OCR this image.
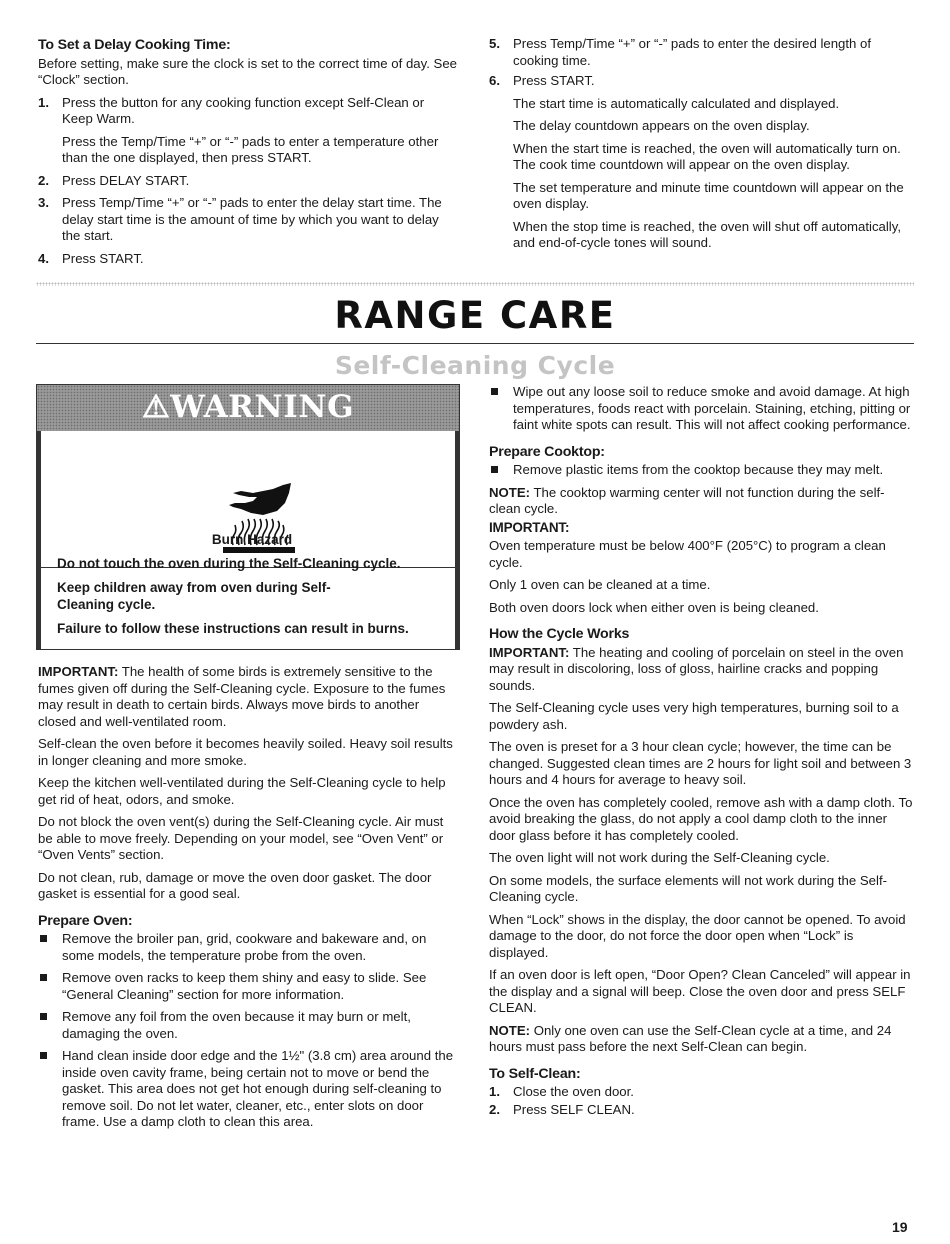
To Set a Delay Cooking Time:

Before setting, make sure the clock is set to the correct time of day. See “Clock” section.

1. Press the button for any cooking function except Self-Clean or Keep Warm.

Press the Temp/Time “+” or “-” pads to enter a temperature other than the one displayed, then press START.

2. Press DELAY START.

3. Press Temp/Time “+” or “-” pads to enter the delay start time. The delay start time is the amount of time by which you want to delay the start.

4. Press START.

5. Press Temp/Time “+” or “-” pads to enter the desired length of cooking time.

6. Press START.

The start time is automatically calculated and displayed.

The delay countdown appears on the oven display.

When the start time is reached, the oven will automatically turn on. The cook time countdown will appear on the oven display.

The set temperature and minute time countdown will appear on the oven display.

When the stop time is reached, the oven will shut off automatically, and end-of-cycle tones will sound.

RANGE CARE
Self-Cleaning Cycle
⚠WARNING

Burn Hazard

Do not touch the oven during the Self-Cleaning cycle.

Keep children away from oven during Self-Cleaning cycle.

Failure to follow these instructions can result in burns.

IMPORTANT: The health of some birds is extremely sensitive to the fumes given off during the Self-Cleaning cycle. Exposure to the fumes may result in death to certain birds. Always move birds to another closed and well-ventilated room.

Self-clean the oven before it becomes heavily soiled. Heavy soil results in longer cleaning and more smoke.

Keep the kitchen well-ventilated during the Self-Cleaning cycle to help get rid of heat, odors, and smoke.

Do not block the oven vent(s) during the Self-Cleaning cycle. Air must be able to move freely. Depending on your model, see “Oven Vent” or “Oven Vents” section.

Do not clean, rub, damage or move the oven door gasket. The door gasket is essential for a good seal.

Prepare Oven:
Remove the broiler pan, grid, cookware and bakeware and, on some models, the temperature probe from the oven.
Remove oven racks to keep them shiny and easy to slide. See “General Cleaning” section for more information.
Remove any foil from the oven because it may burn or melt, damaging the oven.
Hand clean inside door edge and the 1½" (3.8 cm) area around the inside oven cavity frame, being certain not to move or bend the gasket. This area does not get hot enough during self-cleaning to remove soil. Do not let water, cleaner, etc., enter slots on door frame. Use a damp cloth to clean this area.
Wipe out any loose soil to reduce smoke and avoid damage. At high temperatures, foods react with porcelain. Staining, etching, pitting or faint white spots can result. This will not affect cooking performance.
Prepare Cooktop:
Remove plastic items from the cooktop because they may melt.

NOTE: The cooktop warming center will not function during the self-clean cycle.

IMPORTANT:

Oven temperature must be below 400°F (205°C) to program a clean cycle.

Only 1 oven can be cleaned at a time.

Both oven doors lock when either oven is being cleaned.

How the Cycle Works

IMPORTANT: The heating and cooling of porcelain on steel in the oven may result in discoloring, loss of gloss, hairline cracks and popping sounds.

The Self-Cleaning cycle uses very high temperatures, burning soil to a powdery ash.

The oven is preset for a 3 hour clean cycle; however, the time can be changed. Suggested clean times are 2 hours for light soil and between 3 hours and 4 hours for average to heavy soil.

Once the oven has completely cooled, remove ash with a damp cloth. To avoid breaking the glass, do not apply a cool damp cloth to the inner door glass before it has completely cooled.

The oven light will not work during the Self-Cleaning cycle.

On some models, the surface elements will not work during the Self-Cleaning cycle.

When “Lock” shows in the display, the door cannot be opened. To avoid damage to the door, do not force the door open when “Lock” is displayed.

If an oven door is left open, “Door Open? Clean Canceled” will appear in the display and a signal will beep. Close the oven door and press SELF CLEAN.

NOTE: Only one oven can use the Self-Clean cycle at a time, and 24 hours must pass before the next Self-Clean can begin.

To Self-Clean:
1. Close the oven door.

2. Press SELF CLEAN.

19
